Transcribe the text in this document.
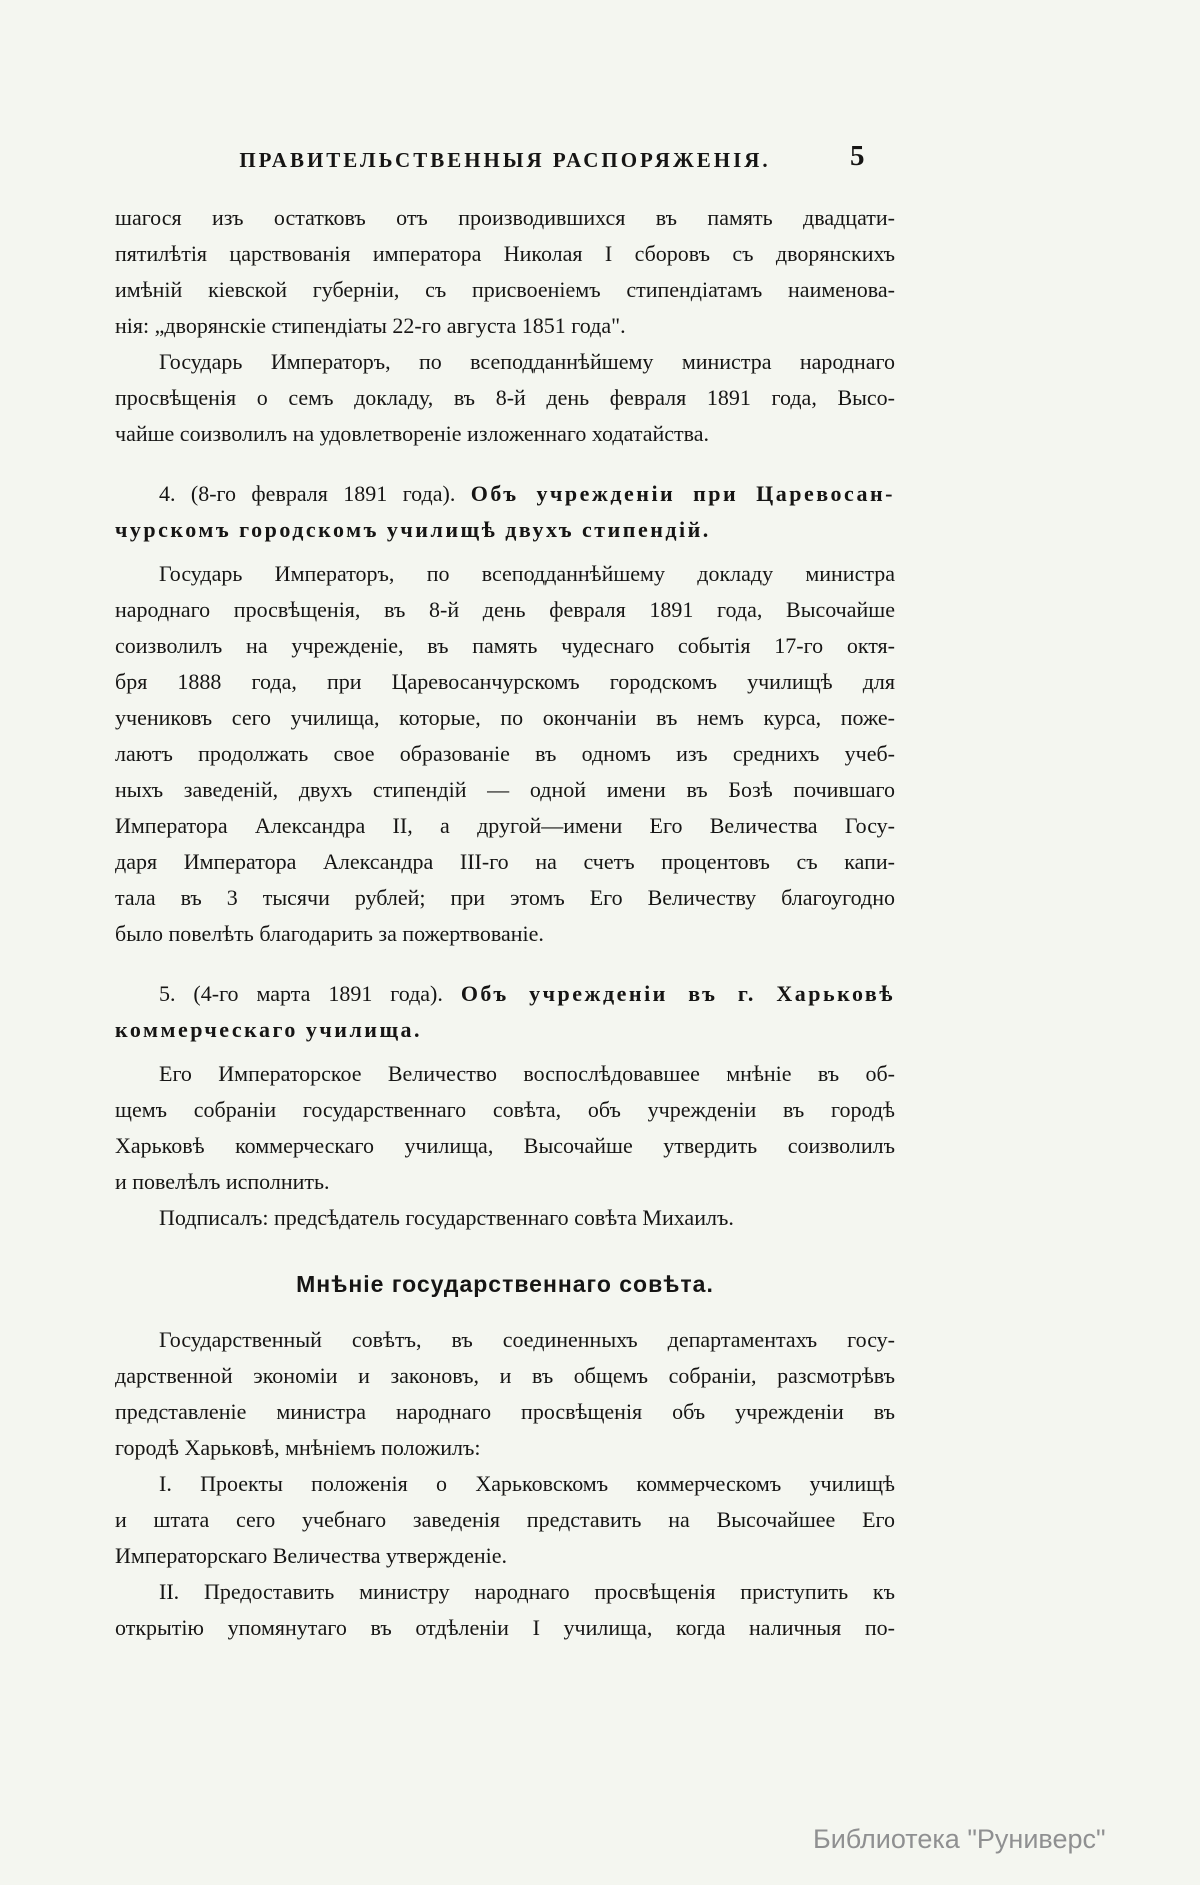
ПРАВИТЕЛЬСТВЕННЫЯ РАСПОРЯЖЕНІЯ.	5
шагося изъ остатковъ отъ производившихся въ память двадцати-
пятилѣтія царствованія императора Николая I сборовъ съ дворянскихъ
имѣній кіевской губерніи, съ присвоеніемъ стипендіатамъ наименова-
нія: „дворянскіе стипендіаты 22-го августа 1851 года".
Государь Императоръ, по всеподданнѣйшему министра народнаго
просвѣщенія о семъ докладу, въ 8-й день февраля 1891 года, Высо-
чайше соизволилъ на удовлетвореніе изложеннаго ходатайства.
4. (8-го февраля 1891 года). Объ учрежденіи при Царевосан-
чурскомъ городскомъ училищѣ двухъ стипендій.
Государь Императоръ, по всеподданнѣйшему докладу министра
народнаго просвѣщенія, въ 8-й день февраля 1891 года, Высочайше
соизволилъ на учрежденіе, въ память чудеснаго событія 17-го октя-
бря 1888 года, при Царевосанчурскомъ городскомъ училищѣ для
учениковъ сего училища, которые, по окончаніи въ немъ курса, поже-
лаютъ продолжать свое образованіе въ одномъ изъ среднихъ учеб-
ныхъ заведеній, двухъ стипендій — одной имени въ Бозѣ почившаго
Императора Александра II, а другой—имени Его Величества Госу-
даря Императора Александра III-го на счетъ процентовъ съ капи-
тала въ 3 тысячи рублей; при этомъ Его Величеству благоугодно
было повелѣть благодарить за пожертвованіе.
5. (4-го марта 1891 года). Объ учрежденіи въ г. Харьковѣ
коммерческаго училища.
Его Императорское Величество воспослѣдовавшее мнѣніе въ об-
щемъ собраніи государственнаго совѣта, объ учрежденіи въ городѣ
Харьковѣ коммерческаго училища, Высочайше утвердить соизволилъ
и повелѣлъ исполнить.
Подписалъ: предсѣдатель государственнаго совѣта Михаилъ.
Мнѣніе государственнаго совѣта.
Государственный совѣтъ, въ соединенныхъ департаментахъ госу-
дарственной экономіи и законовъ, и въ общемъ собраніи, разсмотрѣвъ
представленіе министра народнаго просвѣщенія объ учрежденіи въ
городѣ Харьковѣ, мнѣніемъ положилъ:
I. Проекты положенія о Харьковскомъ коммерческомъ училищѣ
и штата сего учебнаго заведенія представить на Высочайшее Его
Императорскаго Величества утвержденіе.
II. Предоставить министру народнаго просвѣщенія приступить къ
открытію упомянутаго въ отдѣленіи I училища, когда наличныя по-
Библиотека "Руниверс"
